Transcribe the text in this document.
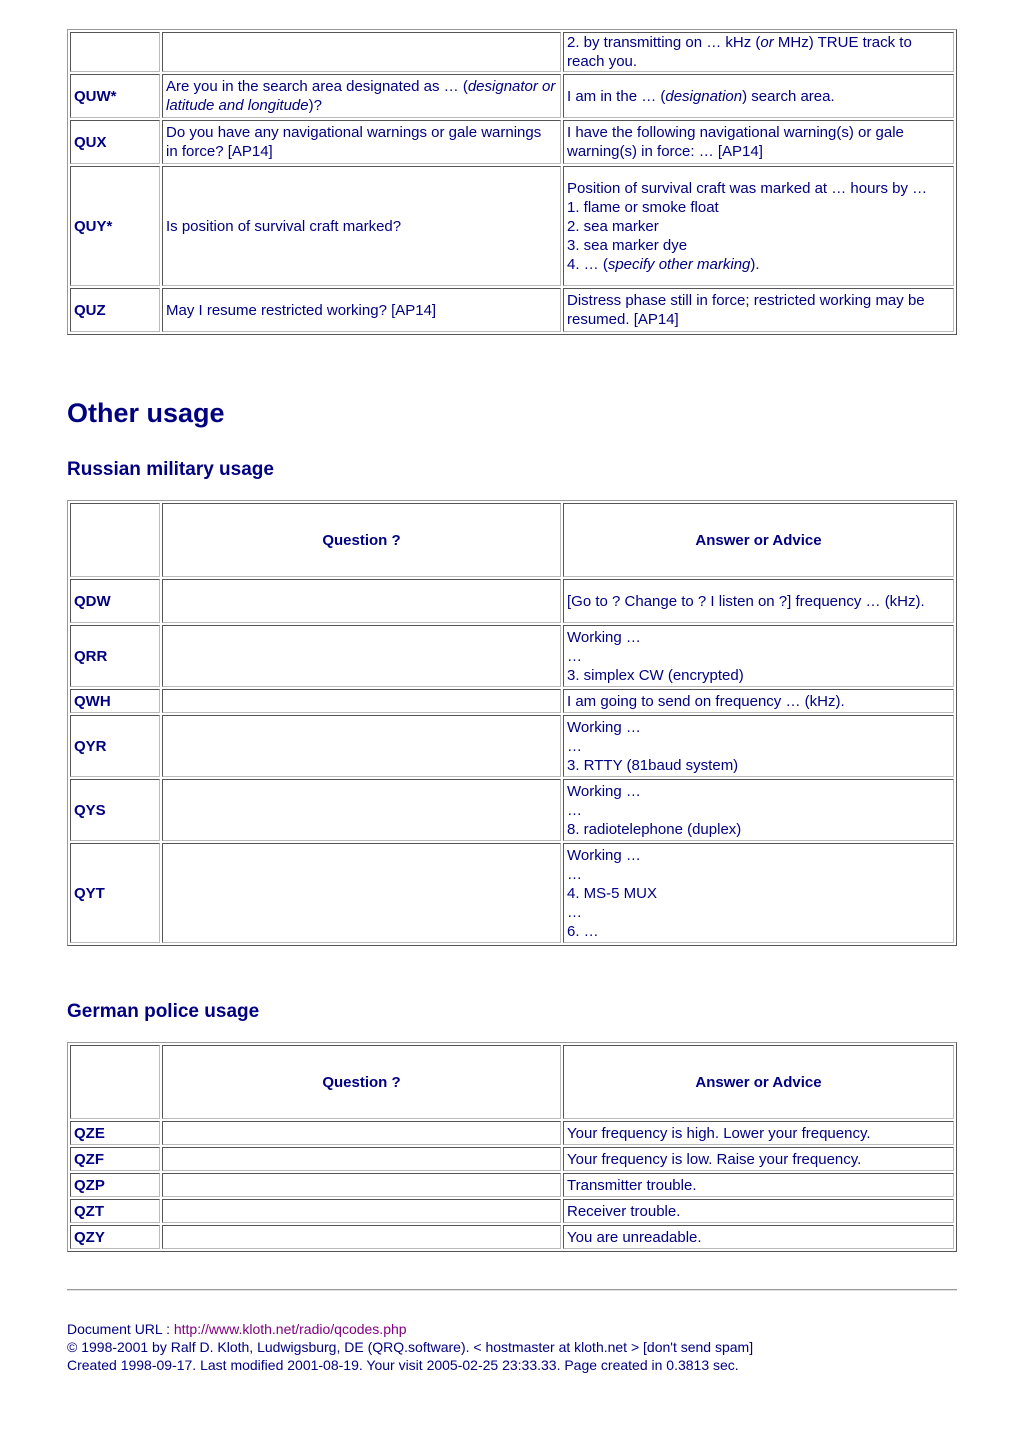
		2. by transmitting on … kHz (or MHz) TRUE track to reach you.

QUW*	Are you in the search area designated as … (designator or latitude and longitude)?	I am in the … (designation) search area.

QUX	Do you have any navigational warnings or gale warnings in force? [AP14]	I have the following navigational warning(s) or gale warning(s) in force: … [AP14]

QUY*	Is position of survival craft marked?	Position of survival craft was marked at … hours by …
1. flame or smoke float
2. sea marker
3. sea marker dye
4. … (specify other marking).

QUZ	May I resume restricted working? [AP14]	Distress phase still in force; restricted working may be resumed. [AP14]
Other usage
Russian military usage
	Question ?	Answer or Advice
QDW		[Go to ? Change to ? I listen on ?] frequency … (kHz).

QRR		Working …
…
3. simplex CW (encrypted)

QWH		I am going to send on frequency … (kHz).

QYR		Working …
…
3. RTTY (81baud system)

QYS		Working …
…
8. radiotelephone (duplex)

QYT		Working …
…
4. MS-5 MUX
…
6. …
German police usage
	Question ?	Answer or Advice
QZE		Your frequency is high. Lower your frequency.

QZF		Your frequency is low. Raise your frequency.

QZP		Transmitter trouble.

QZT		Receiver trouble.

QZY		You are unreadable.
Document URL : http://www.kloth.net/radio/qcodes.php
© 1998-2001 by Ralf D. Kloth, Ludwigsburg, DE (QRQ.software). < hostmaster at kloth.net > [don't send spam]
Created 1998-09-17. Last modified 2001-08-19. Your visit 2005-02-25 23:33.33. Page created in 0.3813 sec.
